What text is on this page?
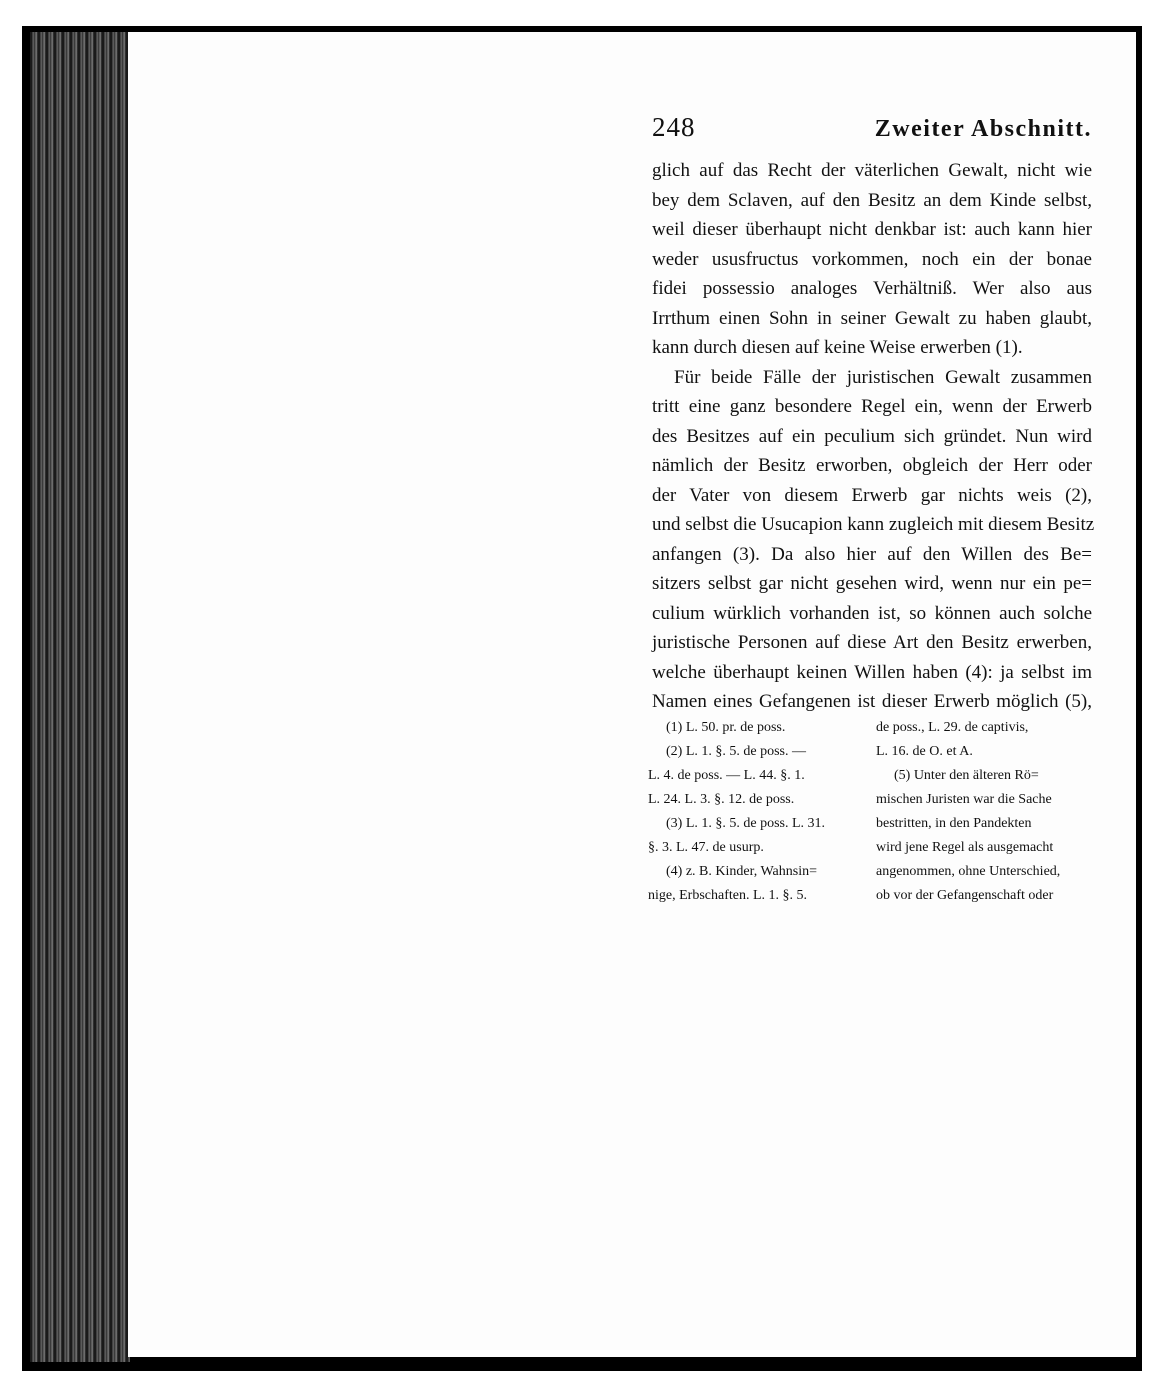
248	Zweiter Abschnitt.
glich auf das Recht der väterlichen Gewalt, nicht wie
bey dem Sclaven, auf den Besitz an dem Kinde selbst,
weil dieser überhaupt nicht denkbar ist: auch kann hier
weder ususfructus vorkommen, noch ein der bonae
fidei possessio analoges Verhältniß. Wer also aus
Irrthum einen Sohn in seiner Gewalt zu haben glaubt,
kann durch diesen auf keine Weise erwerben (1).
Für beide Fälle der juristischen Gewalt zusammen
tritt eine ganz besondere Regel ein, wenn der Erwerb
des Besitzes auf ein peculium sich gründet. Nun wird
nämlich der Besitz erworben, obgleich der Herr oder
der Vater von diesem Erwerb gar nichts weis (2),
und selbst die Usucapion kann zugleich mit diesem Besitz
anfangen (3). Da also hier auf den Willen des Be=
sitzers selbst gar nicht gesehen wird, wenn nur ein pe=
culium würklich vorhanden ist, so können auch solche
juristische Personen auf diese Art den Besitz erwerben,
welche überhaupt keinen Willen haben (4): ja selbst im
Namen eines Gefangenen ist dieser Erwerb möglich (5),
(1) L. 50. pr. de poss.
(2) L. 1. §. 5. de poss. —
L. 4. de poss. — L. 44. §. 1.
L. 24. L. 3. §. 12. de poss.
(3) L. 1. §. 5. de poss. L. 31.
§. 3. L. 47. de usurp.
(4) z. B. Kinder, Wahnsin=
nige, Erbschaften. L. 1. §. 5.
de poss., L. 29. de captivis,
L. 16. de O. et A.
(5) Unter den älteren Rö=
mischen Juristen war die Sache
bestritten, in den Pandekten
wird jene Regel als ausgemacht
angenommen, ohne Unterschied,
ob vor der Gefangenschaft oder
